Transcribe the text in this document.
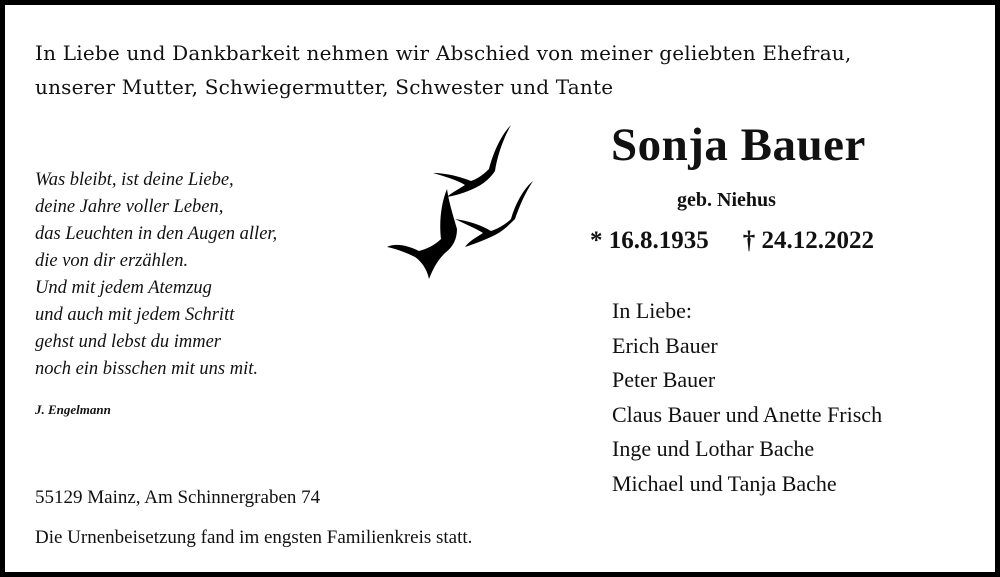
In Liebe und Dankbarkeit nehmen wir Abschied von meiner geliebten Ehefrau,
unserer Mutter, Schwiegermutter, Schwester und Tante
Was bleibt, ist deine Liebe,
deine Jahre voller Leben,
das Leuchten in den Augen aller,
die von dir erzählen.
Und mit jedem Atemzug
und auch mit jedem Schritt
gehst und lebst du immer
noch ein bisschen mit uns mit.
J. Engelmann
Sonja Bauer
geb. Niehus
* 16.8.1935 † 24.12.2022
In Liebe:
Erich Bauer
Peter Bauer
Claus Bauer und Anette Frisch
Inge und Lothar Bache
Michael und Tanja Bache
55129 Mainz, Am Schinnergraben 74
Die Urnenbeisetzung fand im engsten Familienkreis statt.
